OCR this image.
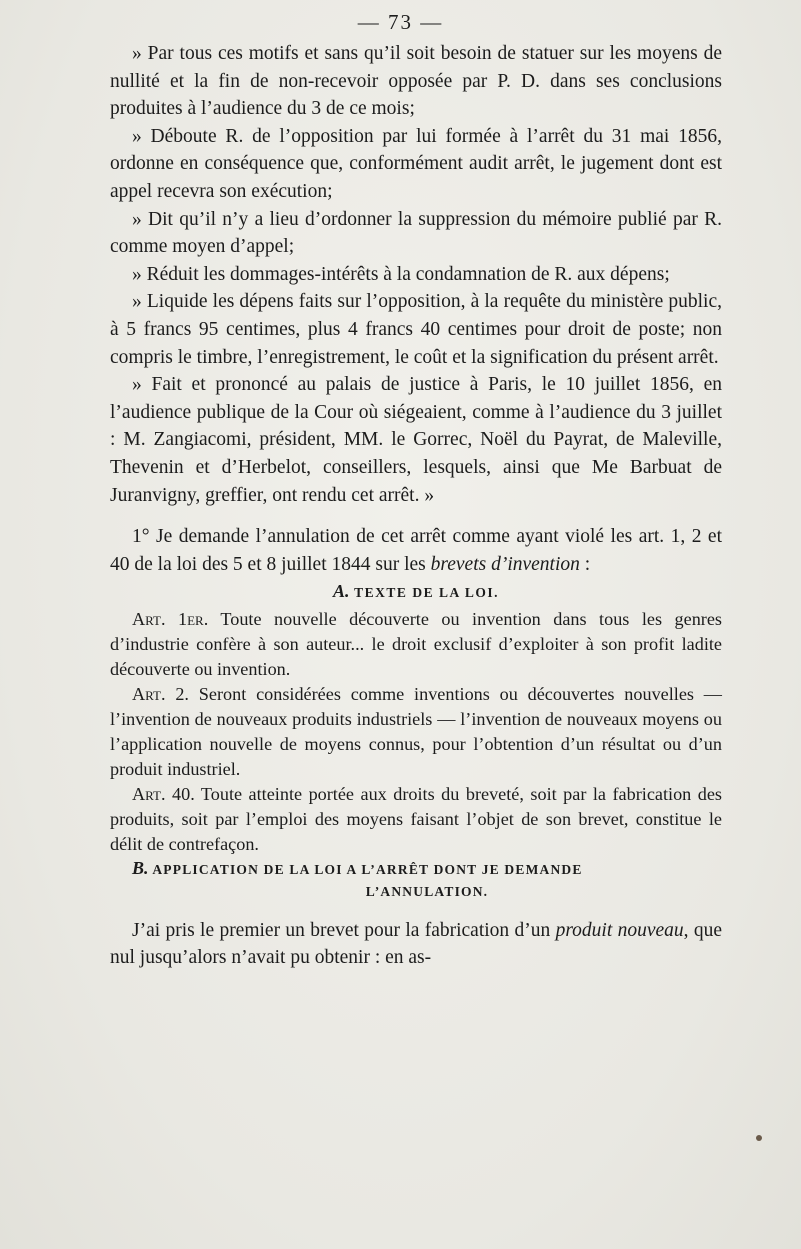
— 73 —

» Par tous ces motifs et sans qu’il soit besoin de statuer sur les moyens de nullité et la fin de non-recevoir opposée par P. D. dans ses conclusions produites à l’audience du 3 de ce mois;

» Déboute R. de l’opposition par lui formée à l’arrêt du 31 mai 1856, ordonne en conséquence que, conformément audit arrêt, le jugement dont est appel recevra son exécution;

» Dit qu’il n’y a lieu d’ordonner la suppression du mémoire publié par R. comme moyen d’appel;

» Réduit les dommages-intérêts à la condamnation de R. aux dépens;

» Liquide les dépens faits sur l’opposition, à la requête du ministère public, à 5 francs 95 centimes, plus 4 francs 40 centimes pour droit de poste; non compris le timbre, l’enregistrement, le coût et la signification du présent arrêt.

» Fait et prononcé au palais de justice à Paris, le 10 juillet 1856, en l’audience publique de la Cour où siégeaient, comme à l’audience du 3 juillet : M. Zangiacomi, président, MM. le Gorrec, Noël du Payrat, de Maleville, Thevenin et d’Herbelot, conseillers, lesquels, ainsi que Me Barbuat de Juranvigny, greffier, ont rendu cet arrêt. »

1° Je demande l’annulation de cet arrêt comme ayant violé les art. 1, 2 et 40 de la loi des 5 et 8 juillet 1844 sur les brevets d’invention :

A. TEXTE DE LA LOI.

Art. 1er. Toute nouvelle découverte ou invention dans tous les genres d’industrie confère à son auteur... le droit exclusif d’exploiter à son profit ladite découverte ou invention.

Art. 2. Seront considérées comme inventions ou découvertes nouvelles — l’invention de nouveaux produits industriels — l’invention de nouveaux moyens ou l’application nouvelle de moyens connus, pour l’obtention d’un résultat ou d’un produit industriel.

Art. 40. Toute atteinte portée aux droits du breveté, soit par la fabrication des produits, soit par l’emploi des moyens faisant l’objet de son brevet, constitue le délit de contrefaçon.

B. APPLICATION DE LA LOI A L’ARRÊT DONT JE DEMANDE
L’ANNULATION.

J’ai pris le premier un brevet pour la fabrication d’un produit nouveau, que nul jusqu’alors n’avait pu obtenir : en as-
